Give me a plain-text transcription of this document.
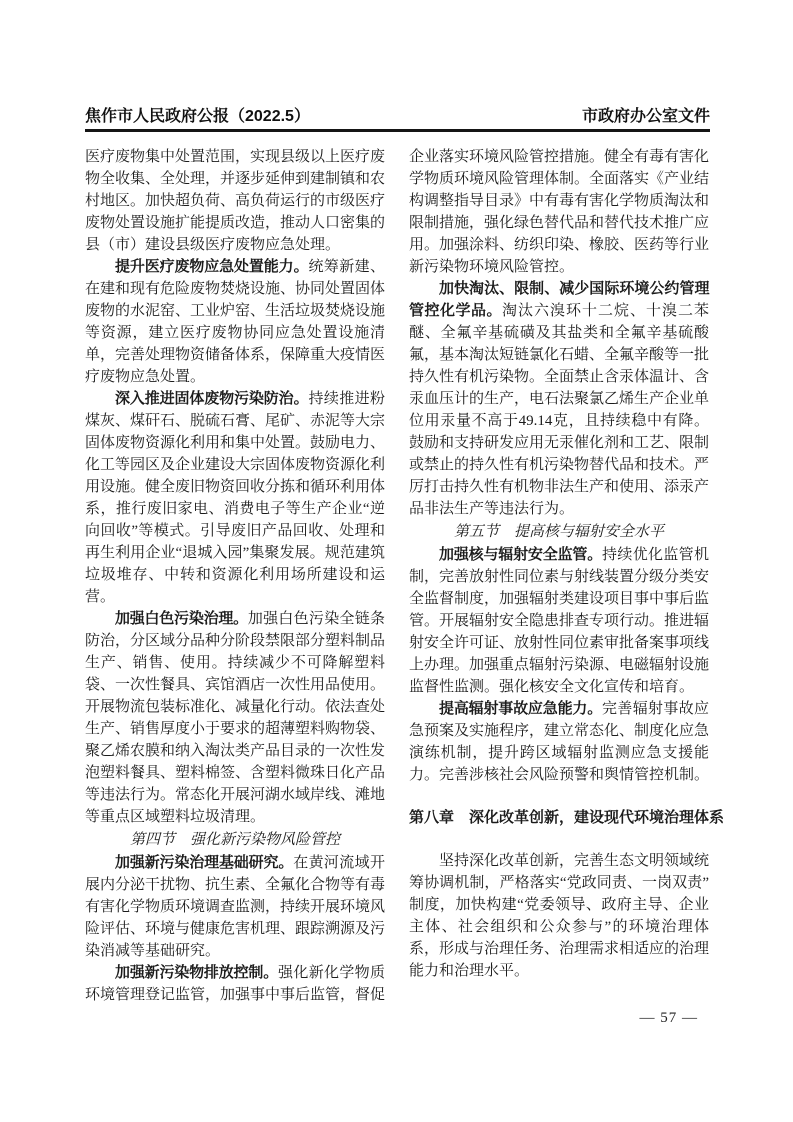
焦作市人民政府公报（2022.5）	市政府办公室文件

医疗废物集中处置范围，实现县级以上医疗废物全收集、全处理，并逐步延伸到建制镇和农村地区。加快超负荷、高负荷运行的市级医疗废物处置设施扩能提质改造，推动人口密集的县（市）建设县级医疗废物应急处理。

提升医疗废物应急处置能力。统筹新建、在建和现有危险废物焚烧设施、协同处置固体废物的水泥窑、工业炉窑、生活垃圾焚烧设施等资源，建立医疗废物协同应急处置设施清单，完善处理物资储备体系，保障重大疫情医疗废物应急处置。

深入推进固体废物污染防治。持续推进粉煤灰、煤矸石、脱硫石膏、尾矿、赤泥等大宗固体废物资源化利用和集中处置。鼓励电力、化工等园区及企业建设大宗固体废物资源化利用设施。健全废旧物资回收分拣和循环利用体系，推行废旧家电、消费电子等生产企业“逆向回收”等模式。引导废旧产品回收、处理和再生利用企业“退城入园”集聚发展。规范建筑垃圾堆存、中转和资源化利用场所建设和运营。

加强白色污染治理。加强白色污染全链条防治，分区域分品种分阶段禁限部分塑料制品生产、销售、使用。持续减少不可降解塑料袋、一次性餐具、宾馆酒店一次性用品使用。开展物流包装标准化、减量化行动。依法查处生产、销售厚度小于要求的超薄塑料购物袋、聚乙烯农膜和纳入淘汰类产品目录的一次性发泡塑料餐具、塑料棉签、含塑料微珠日化产品等违法行为。常态化开展河湖水域岸线、滩地等重点区域塑料垃圾清理。

第四节　强化新污染物风险管控

加强新污染治理基础研究。在黄河流域开展内分泌干扰物、抗生素、全氟化合物等有毒有害化学物质环境调查监测，持续开展环境风险评估、环境与健康危害机理、跟踪溯源及污染消减等基础研究。

加强新污染物排放控制。强化新化学物质环境管理登记监管，加强事中事后监管，督促

企业落实环境风险管控措施。健全有毒有害化学物质环境风险管理体制。全面落实《产业结构调整指导目录》中有毒有害化学物质淘汰和限制措施，强化绿色替代品和替代技术推广应用。加强涂料、纺织印染、橡胶、医药等行业新污染物环境风险管控。

加快淘汰、限制、减少国际环境公约管理管控化学品。淘汰六溴环十二烷、十溴二苯醚、全氟辛基硫磺及其盐类和全氟辛基硫酸氟，基本淘汰短链氯化石蜡、全氟辛酸等一批持久性有机污染物。全面禁止含汞体温计、含汞血压计的生产，电石法聚氯乙烯生产企业单位用汞量不高于49.14克，且持续稳中有降。鼓励和支持研发应用无汞催化剂和工艺、限制或禁止的持久性有机污染物替代品和技术。严厉打击持久性有机物非法生产和使用、添汞产品非法生产等违法行为。

第五节　提高核与辐射安全水平

加强核与辐射安全监管。持续优化监管机制，完善放射性同位素与射线装置分级分类安全监督制度，加强辐射类建设项目事中事后监管。开展辐射安全隐患排查专项行动。推进辐射安全许可证、放射性同位素审批备案事项线上办理。加强重点辐射污染源、电磁辐射设施监督性监测。强化核安全文化宣传和培育。

提高辐射事故应急能力。完善辐射事故应急预案及实施程序，建立常态化、制度化应急演练机制，提升跨区域辐射监测应急支援能力。完善涉核社会风险预警和舆情管控机制。

第八章　深化改革创新，建设现代环境治理体系

坚持深化改革创新，完善生态文明领域统筹协调机制，严格落实“党政同责、一岗双责”制度，加快构建“党委领导、政府主导、企业主体、社会组织和公众参与”的环境治理体系，形成与治理任务、治理需求相适应的治理能力和治理水平。

— 57 —
